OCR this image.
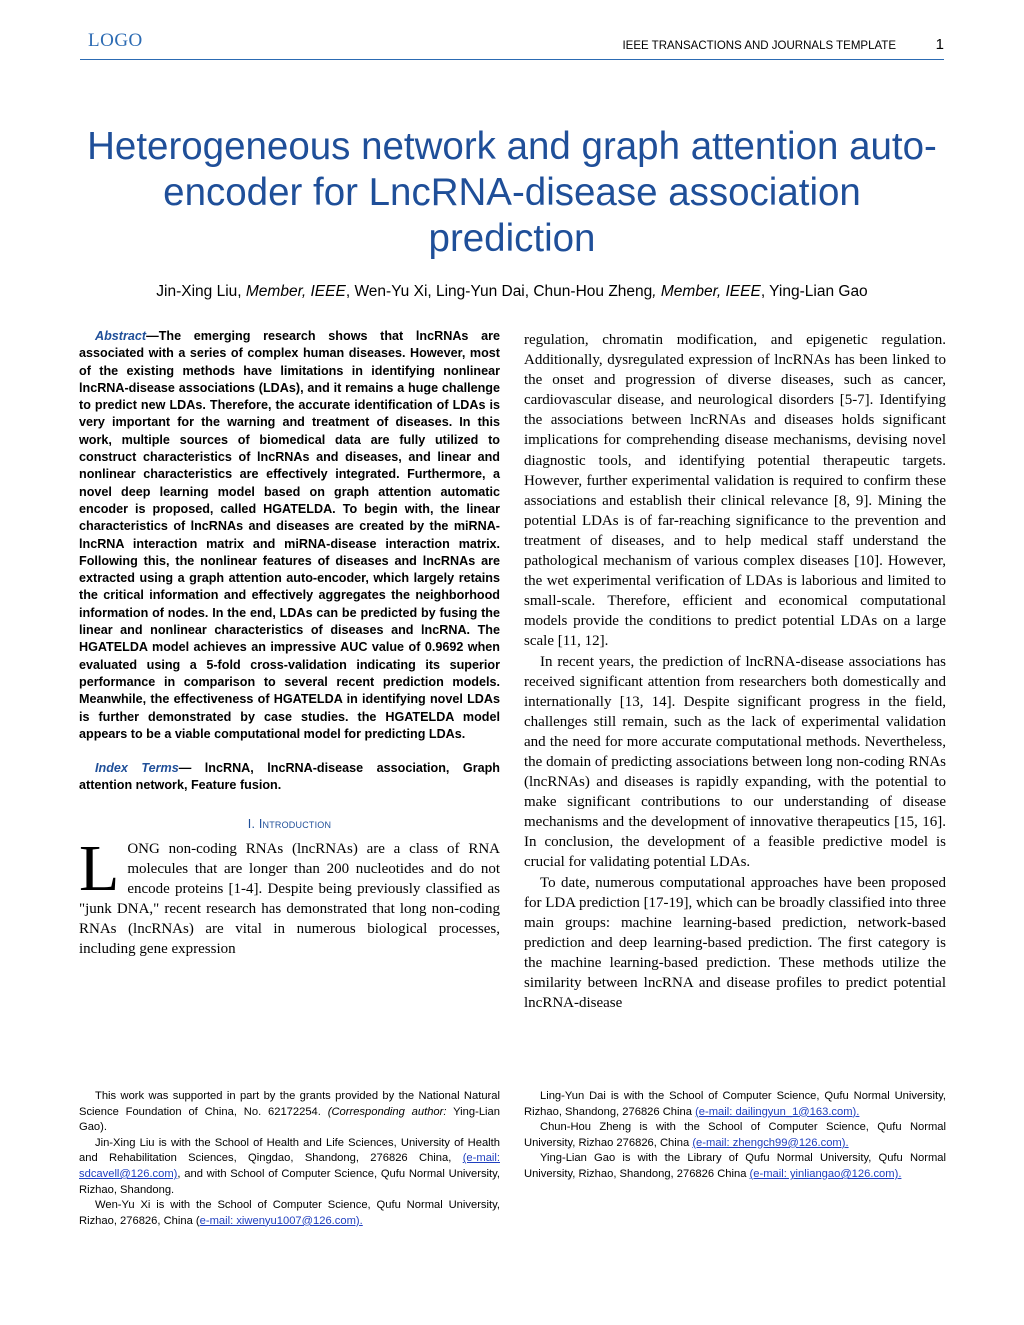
LOGO	IEEE TRANSACTIONS AND JOURNALS TEMPLATE	1
Heterogeneous network and graph attention auto-encoder for LncRNA-disease association prediction
Jin-Xing Liu, Member, IEEE, Wen-Yu Xi, Ling-Yun Dai, Chun-Hou Zheng, Member, IEEE, Ying-Lian Gao

Abstract—The emerging research shows that lncRNAs are associated with a series of complex human diseases. However, most of the existing methods have limitations in identifying nonlinear lncRNA-disease associations (LDAs), and it remains a huge challenge to predict new LDAs. Therefore, the accurate identification of LDAs is very important for the warning and treatment of diseases. In this work, multiple sources of biomedical data are fully utilized to construct characteristics of lncRNAs and diseases, and linear and nonlinear characteristics are effectively integrated. Furthermore, a novel deep learning model based on graph attention automatic encoder is proposed, called HGATELDA. To begin with, the linear characteristics of lncRNAs and diseases are created by the miRNA-lncRNA interaction matrix and miRNA-disease interaction matrix. Following this, the nonlinear features of diseases and lncRNAs are extracted using a graph attention auto-encoder, which largely retains the critical information and effectively aggregates the neighborhood information of nodes. In the end, LDAs can be predicted by fusing the linear and nonlinear characteristics of diseases and lncRNA. The HGATELDA model achieves an impressive AUC value of 0.9692 when evaluated using a 5-fold cross-validation indicating its superior performance in comparison to several recent prediction models. Meanwhile, the effectiveness of HGATELDA in identifying novel LDAs is further demonstrated by case studies. the HGATELDA model appears to be a viable computational model for predicting LDAs.

Index Terms— lncRNA, lncRNA-disease association, Graph attention network, Feature fusion.

I. Introduction

LONG non-coding RNAs (lncRNAs) are a class of RNA molecules that are longer than 200 nucleotides and do not encode proteins [1-4]. Despite being previously classified as "junk DNA," recent research has demonstrated that long non-coding RNAs (lncRNAs) are vital in numerous biological processes, including gene expression

regulation, chromatin modification, and epigenetic regulation. Additionally, dysregulated expression of lncRNAs has been linked to the onset and progression of diverse diseases, such as cancer, cardiovascular disease, and neurological disorders [5-7]. Identifying the associations between lncRNAs and diseases holds significant implications for comprehending disease mechanisms, devising novel diagnostic tools, and identifying potential therapeutic targets. However, further experimental validation is required to confirm these associations and establish their clinical relevance [8, 9]. Mining the potential LDAs is of far-reaching significance to the prevention and treatment of diseases, and to help medical staff understand the pathological mechanism of various complex diseases [10]. However, the wet experimental verification of LDAs is laborious and limited to small-scale. Therefore, efficient and economical computational models provide the conditions to predict potential LDAs on a large scale [11, 12].

In recent years, the prediction of lncRNA-disease associations has received significant attention from researchers both domestically and internationally [13, 14]. Despite significant progress in the field, challenges still remain, such as the lack of experimental validation and the need for more accurate computational methods. Nevertheless, the domain of predicting associations between long non-coding RNAs (lncRNAs) and diseases is rapidly expanding, with the potential to make significant contributions to our understanding of disease mechanisms and the development of innovative therapeutics [15, 16]. In conclusion, the development of a feasible predictive model is crucial for validating potential LDAs.

To date, numerous computational approaches have been proposed for LDA prediction [17-19], which can be broadly classified into three main groups: machine learning-based prediction, network-based prediction and deep learning-based prediction. The first category is the machine learning-based prediction. These methods utilize the similarity between lncRNA and disease profiles to predict potential lncRNA-disease

This work was supported in part by the grants provided by the National Natural Science Foundation of China, No. 62172254. (Corresponding author: Ying-Lian Gao).

Jin-Xing Liu is with the School of Health and Life Sciences, University of Health and Rehabilitation Sciences, Qingdao, Shandong, 276826 China, (e-mail: sdcavell@126.com), and with School of Computer Science, Qufu Normal University, Rizhao, Shandong.

Wen-Yu Xi is with the School of Computer Science, Qufu Normal University, Rizhao, 276826, China (e-mail: xiwenyu1007@126.com).

Ling-Yun Dai is with the School of Computer Science, Qufu Normal University, Rizhao, Shandong, 276826 China (e-mail: dailingyun_1@163.com).

Chun-Hou Zheng is with the School of Computer Science, Qufu Normal University, Rizhao 276826, China (e-mail: zhengch99@126.com).

Ying-Lian Gao is with the Library of Qufu Normal University, Qufu Normal University, Rizhao, Shandong, 276826 China (e-mail: yinliangao@126.com).
